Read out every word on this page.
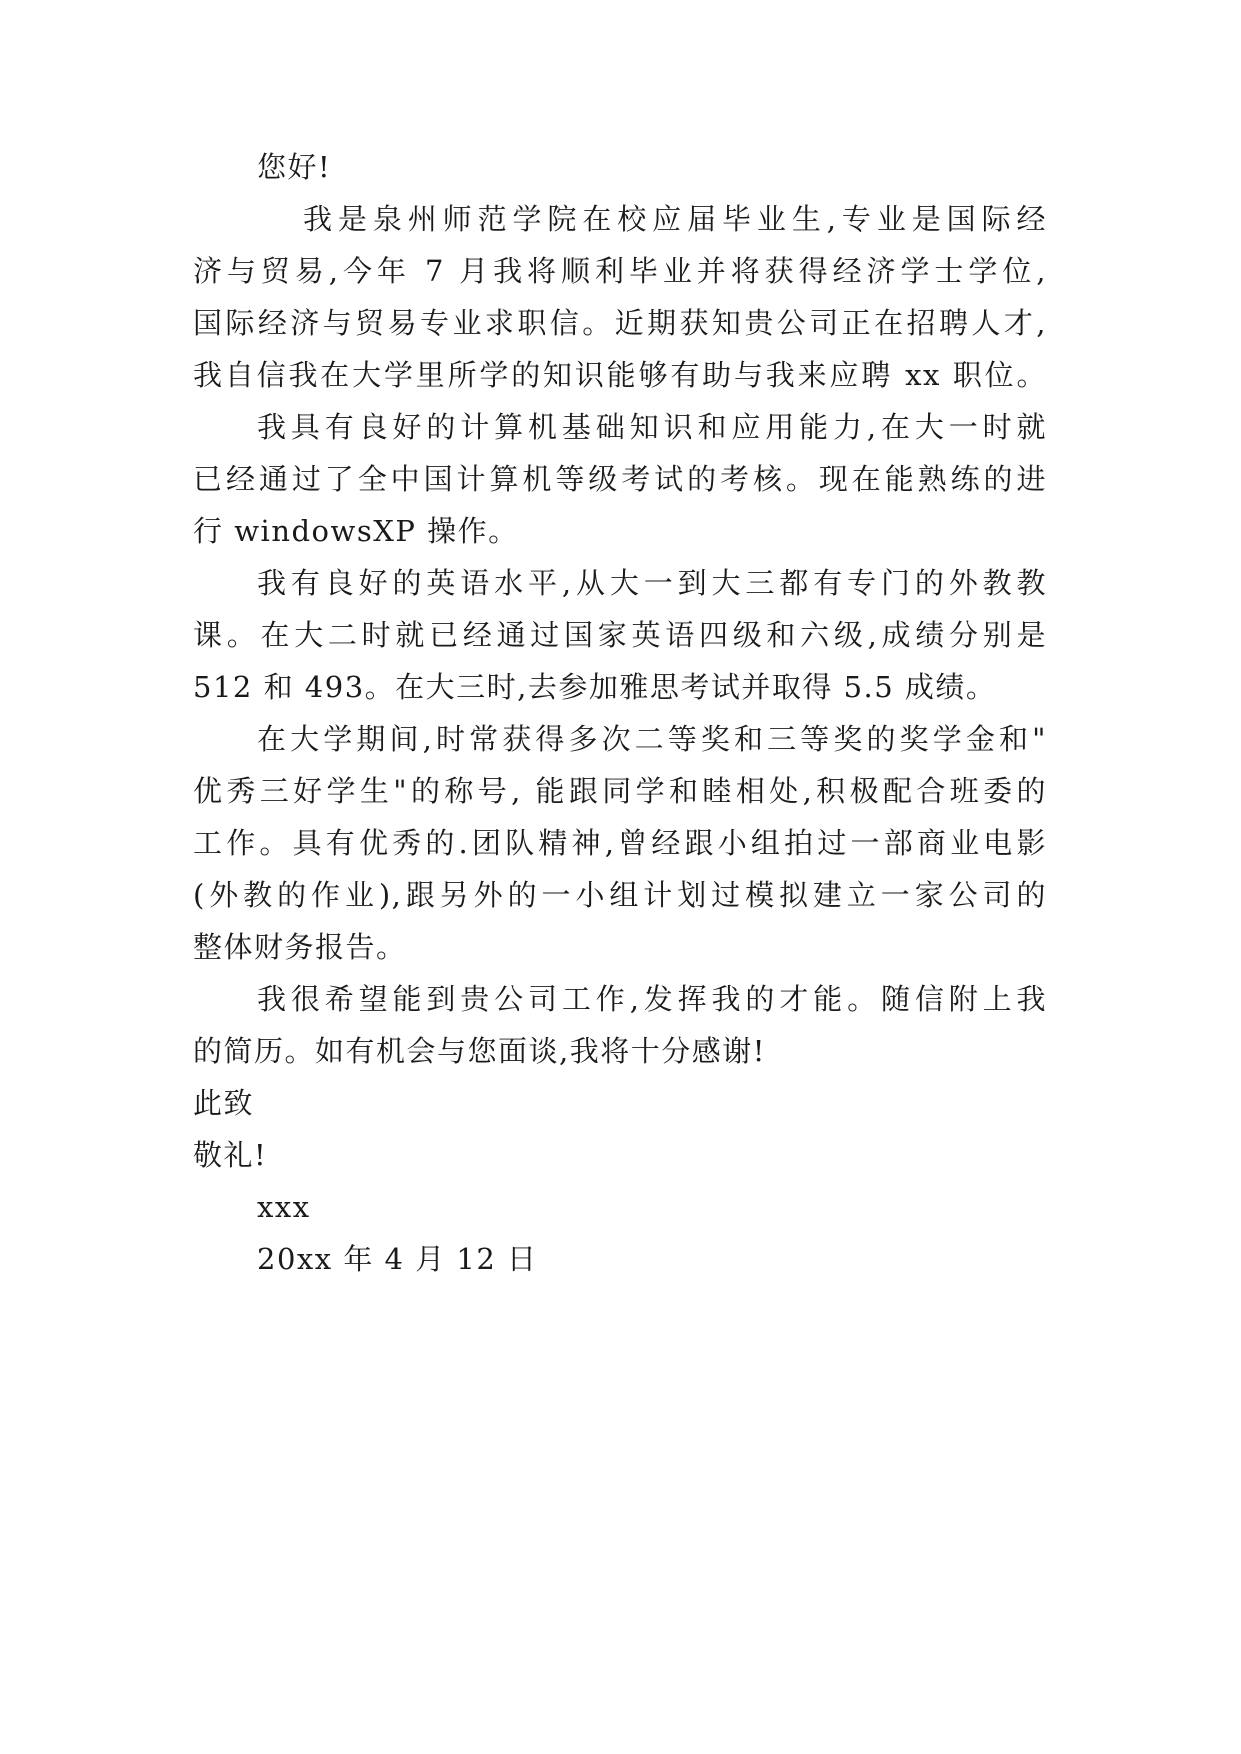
您好!
我是泉州师范学院在校应届毕业生,专业是国际经
济与贸易,今年 7 月我将顺利毕业并将获得经济学士学位,
国际经济与贸易专业求职信。近期获知贵公司正在招聘人才,
我自信我在大学里所学的知识能够有助与我来应聘 xx 职位。
我具有良好的计算机基础知识和应用能力,在大一时就
已经通过了全中国计算机等级考试的考核。现在能熟练的进
行 windowsXP 操作。
我有良好的英语水平,从大一到大三都有专门的外教教
课。在大二时就已经通过国家英语四级和六级,成绩分别是
512 和 493。在大三时,去参加雅思考试并取得 5.5 成绩。
在大学期间,时常获得多次二等奖和三等奖的奖学金和"
优秀三好学生"的称号, 能跟同学和睦相处,积极配合班委的
工作。具有优秀的.团队精神,曾经跟小组拍过一部商业电影
(外教的作业),跟另外的一小组计划过模拟建立一家公司的
整体财务报告。
我很希望能到贵公司工作,发挥我的才能。随信附上我
的简历。如有机会与您面谈,我将十分感谢!
此致
敬礼!
xxx
20xx 年 4 月 12 日
